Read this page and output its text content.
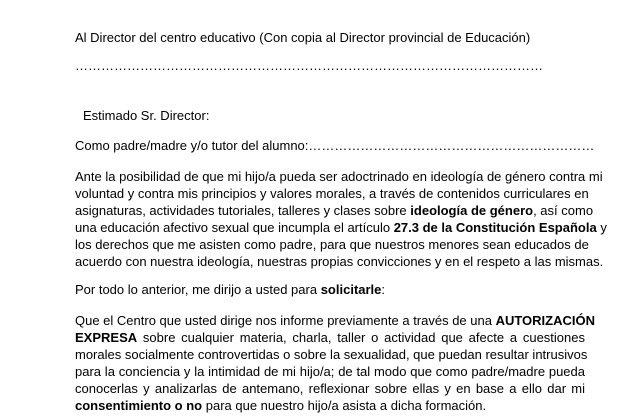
Al Director del centro educativo (Con copia al Director provincial de Educación)

………………………………………………………………………………………………

Estimado Sr. Director:

Como padre/madre y/o tutor del alumno:…………………………………………………………

Ante la posibilidad de que mi hijo/a pueda ser adoctrinado en ideología de género contra mi
voluntad y contra mis principios y valores morales, a través de contenidos curriculares en
asignaturas, actividades tutoriales, talleres y clases sobre ideología de género, así como
una educación afectivo sexual que incumpla el artículo 27.3 de la Constitución Española y
los derechos que me asisten como padre, para que nuestros menores sean educados de
acuerdo con nuestra ideología, nuestras propias convicciones y en el respeto a las mismas.

Por todo lo anterior, me dirijo a usted para solicitarle:

Que el Centro que usted dirige nos informe previamente a través de una AUTORIZACIÓN
EXPRESA sobre cualquier materia, charla, taller o actividad que afecte a cuestiones
morales socialmente controvertidas o sobre la sexualidad, que puedan resultar intrusivos
para la conciencia y la intimidad de mi hijo/a; de tal modo que como padre/madre pueda
conocerlas y analizarlas de antemano, reflexionar sobre ellas y en base a ello dar mi
consentimiento o no para que nuestro hijo/a asista a dicha formación.
